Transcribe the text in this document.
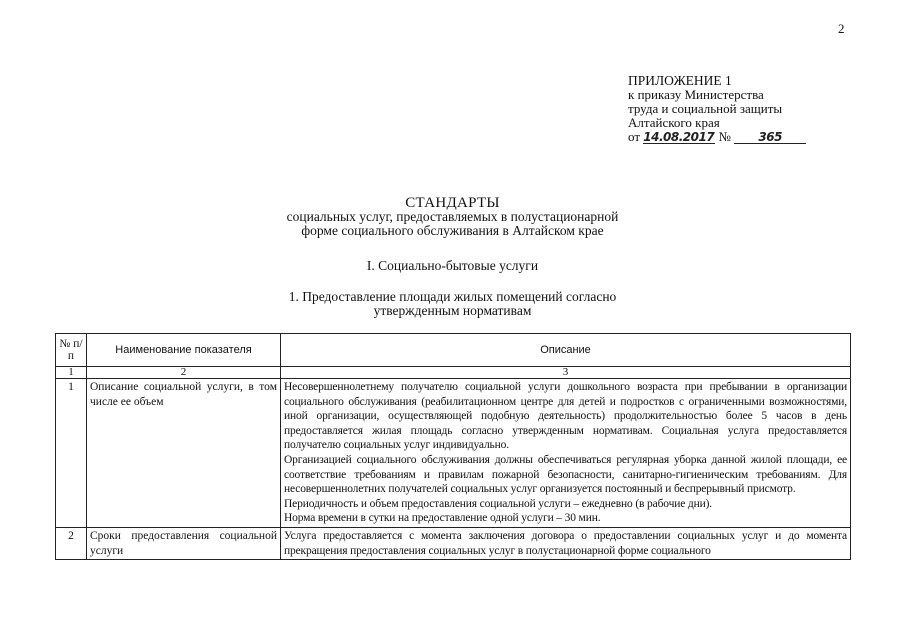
2
ПРИЛОЖЕНИЕ 1
к приказу Министерства
труда и социальной защиты
Алтайского края
от 14.08.2017 № 365
СТАНДАРТЫ
социальных услуг, предоставляемых в полустационарной
форме социального обслуживания в Алтайском крае
I. Социально-бытовые услуги
1. Предоставление площади жилых помещений согласно
утвержденным нормативам
№ п/п	Наименование показателя	Описание
1	2	3
1	Описание социальной услуги, в том числе ее объем	Несовершеннолетнему получателю социальной услуги дошкольного возраста при пребывании в организации социального обслуживания (реабилитационном центре для детей и подростков с ограниченными возможностями, иной организации, осуществляющей подобную деятельность) продолжительностью более 5 часов в день предоставляется жилая площадь согласно утвержденным нормативам. Социальная услуга предоставляется получателю социальных услуг индивидуально.

Организацией социального обслуживания должны обеспечиваться регулярная уборка данной жилой площади, ее соответствие требованиям и правилам пожарной безопасности, санитарно-гигиеническим требованиям. Для несовершеннолетних получателей социальных услуг организуется постоянный и беспрерывный присмотр.

Периодичность и объем предоставления социальной услуги – ежедневно (в рабочие дни).

Норма времени в сутки на предоставление одной услуги – 30 мин.

2	Сроки предоставления социальной услуги	Услуга предоставляется с момента заключения договора о предоставлении социальных услуг и до момента прекращения предоставления социальных услуг в полустационарной форме социального
